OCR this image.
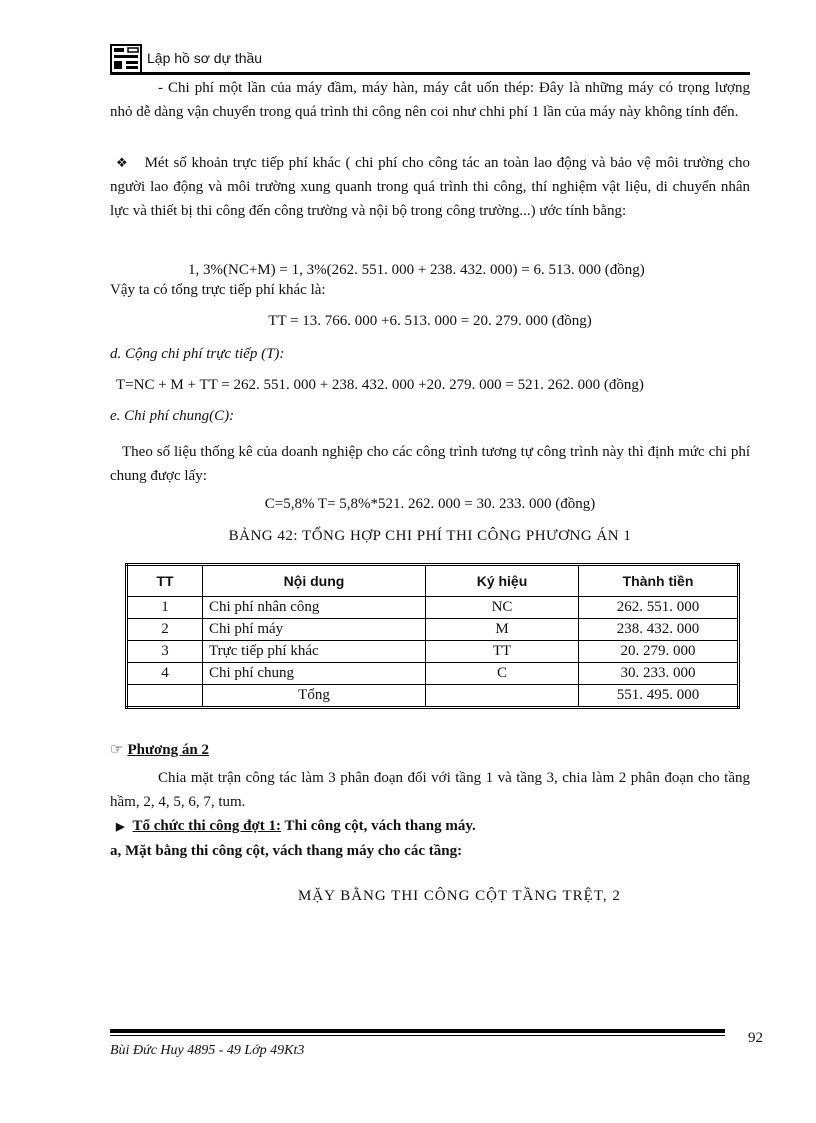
Lập hồ sơ dự thầu
- Chi phí một lần của máy đầm, máy hàn, máy cắt uốn thép: Đây là những máy có trọng lượng nhỏ dễ dàng vận chuyển trong quá trình thi công nên coi như chhi phí 1 lần của máy này không tính đến.
❖ Mét số khoản trực tiếp phí khác ( chi phí cho công tác an toàn lao động và bảo vệ môi trường cho người lao động và môi trường xung quanh trong quá trình thi công, thí nghiệm vật liệu, di chuyển nhân lực và thiết bị thi công đến công trường và nội bộ trong công trường...) ước tính bằng:
1, 3%(NC+M) = 1, 3%(262. 551. 000 + 238. 432. 000) = 6. 513. 000 (đồng)
Vậy ta có tổng trực tiếp phí khác là:
TT = 13. 766. 000 +6. 513. 000 = 20. 279. 000 (đồng)
d. Cộng chi phí trực tiếp (T):
T=NC + M + TT = 262. 551. 000 + 238. 432. 000 +20. 279. 000 = 521. 262. 000 (đồng)
e. Chi phí chung(C):
Theo số liệu thống kê của doanh nghiệp cho các công trình tương tự công trình này thì định mức chi phí chung được lấy:
C=5,8% T= 5,8%*521. 262. 000 = 30. 233. 000 (đồng)
BẢNG 42: TỔNG HỢP CHI PHÍ THI CÔNG PHƯƠNG ÁN 1
TT	Nội dung	Ký hiệu	Thành tiền
1	Chi phí nhân công	NC	262. 551. 000
2	Chi phí máy	M	238. 432. 000
3	Trực tiếp phí khác	TT	20. 279. 000
4	Chi phí chung	C	30. 233. 000
	Tổng		551. 495. 000
☞ Phương án 2
Chia mặt trận công tác làm 3 phân đoạn đối với tầng 1 và tầng 3, chia làm 2 phân đoạn cho tầng hầm, 2, 4, 5, 6, 7, tum.
▶ Tổ chức thi công đợt 1: Thi công cột, vách thang máy.
a, Mặt bằng thi công cột, vách thang máy cho các tầng:
MẶY BẰNG THI CÔNG CỘT TẦNG TRỆT, 2
Bùi Đức Huy 4895 - 49 Lớp 49Kt3
92
